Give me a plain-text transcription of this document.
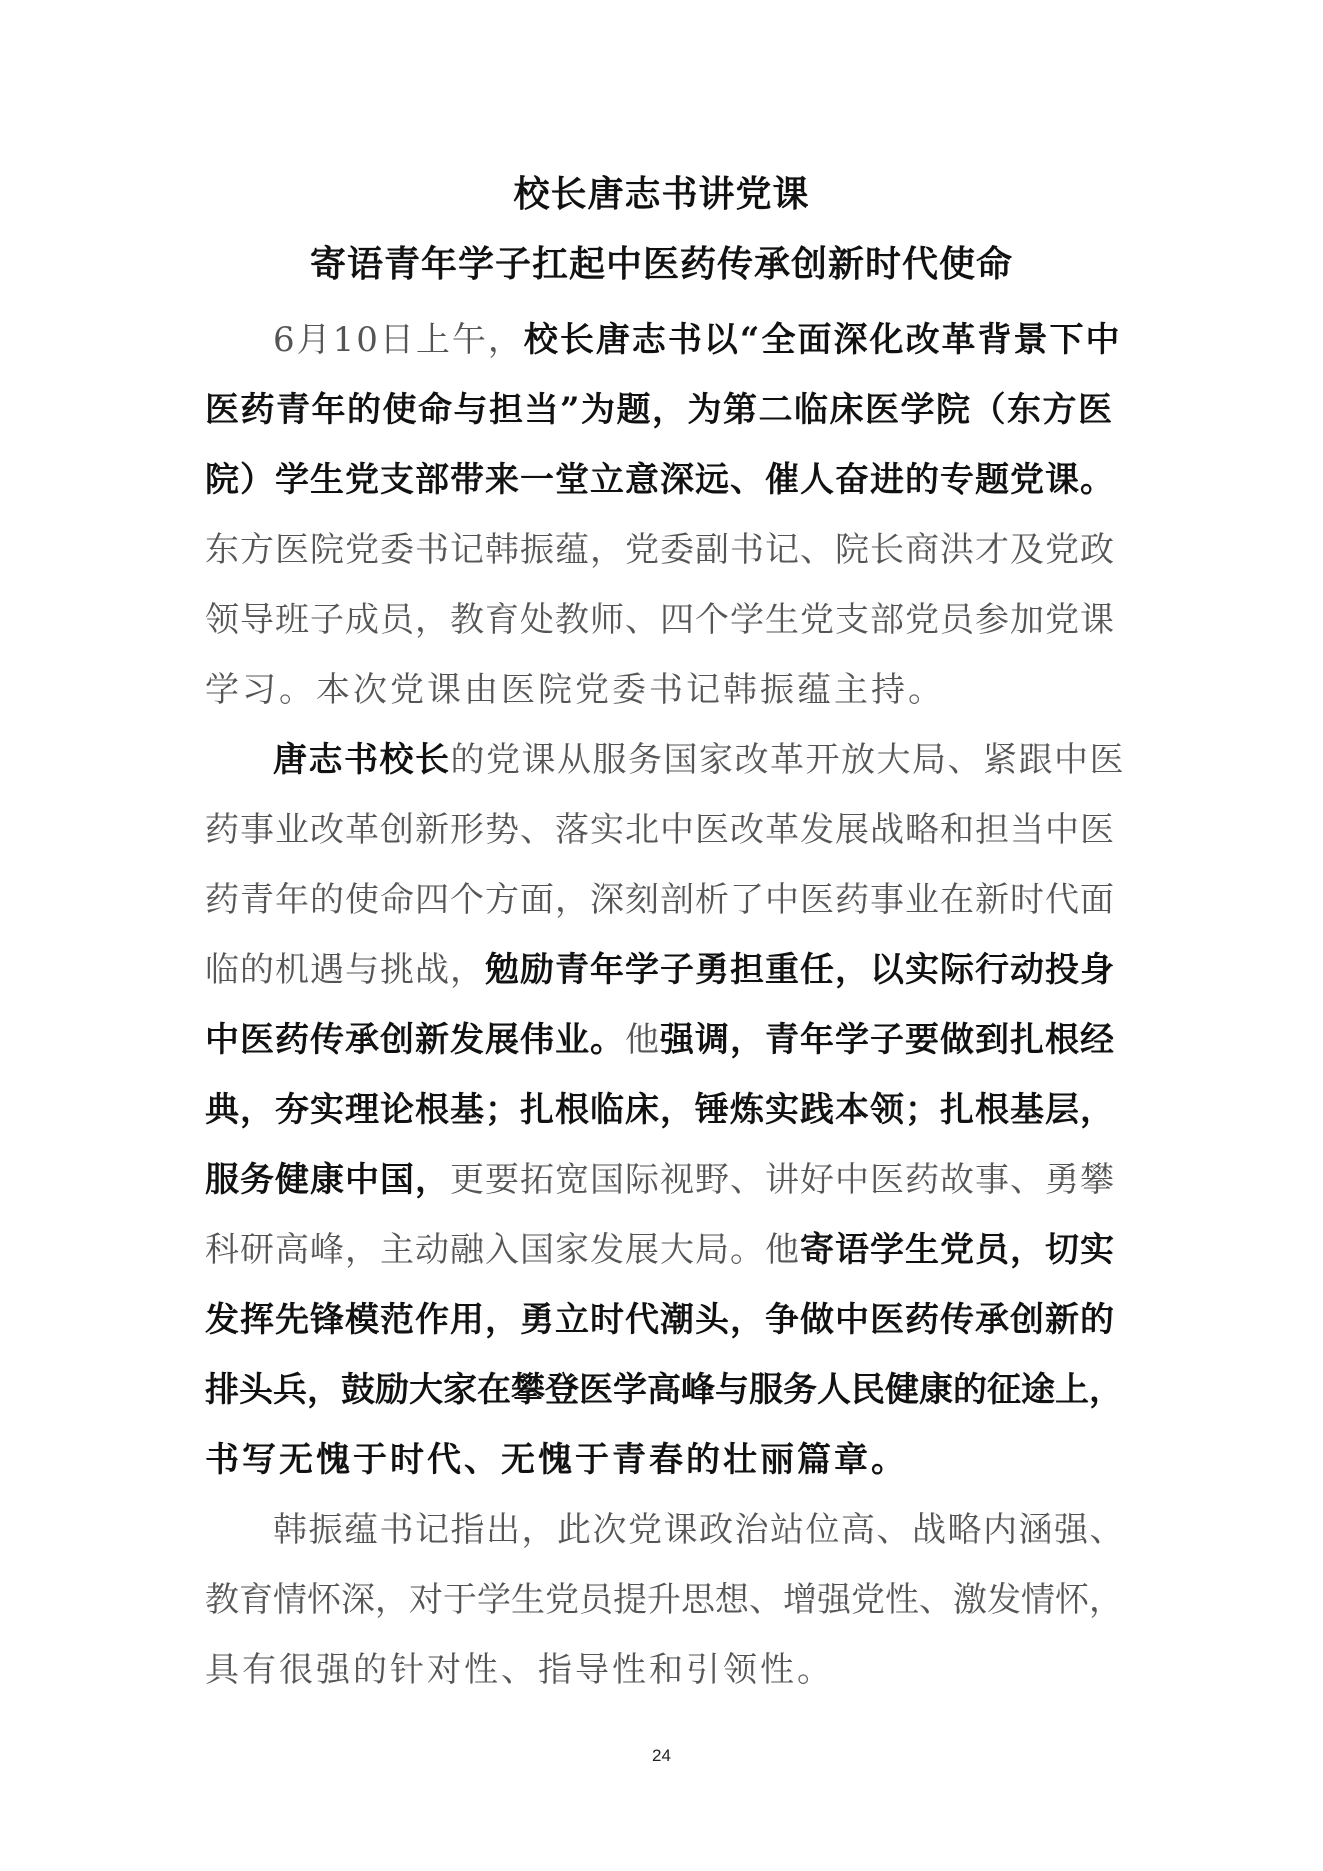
校长唐志书讲党课
寄语青年学子扛起中医药传承创新时代使命
6月10日上午，校长唐志书以“全面深化改革背景下中
医药青年的使命与担当”为题，为第二临床医学院（东方医
院）学生党支部带来一堂立意深远、催人奋进的专题党课。
东方医院党委书记韩振蕴，党委副书记、院长商洪才及党政
领导班子成员，教育处教师、四个学生党支部党员参加党课
学习。本次党课由医院党委书记韩振蕴主持。
唐志书校长的党课从服务国家改革开放大局、紧跟中医
药事业改革创新形势、落实北中医改革发展战略和担当中医
药青年的使命四个方面，深刻剖析了中医药事业在新时代面
临的机遇与挑战，勉励青年学子勇担重任，以实际行动投身
中医药传承创新发展伟业。他强调，青年学子要做到扎根经
典，夯实理论根基；扎根临床，锤炼实践本领；扎根基层，
服务健康中国，更要拓宽国际视野、讲好中医药故事、勇攀
科研高峰，主动融入国家发展大局。他寄语学生党员，切实
发挥先锋模范作用，勇立时代潮头，争做中医药传承创新的
排头兵，鼓励大家在攀登医学高峰与服务人民健康的征途上，
书写无愧于时代、无愧于青春的壮丽篇章。
韩振蕴书记指出，此次党课政治站位高、战略内涵强、
教育情怀深，对于学生党员提升思想、增强党性、激发情怀，
具有很强的针对性、指导性和引领性。
24
